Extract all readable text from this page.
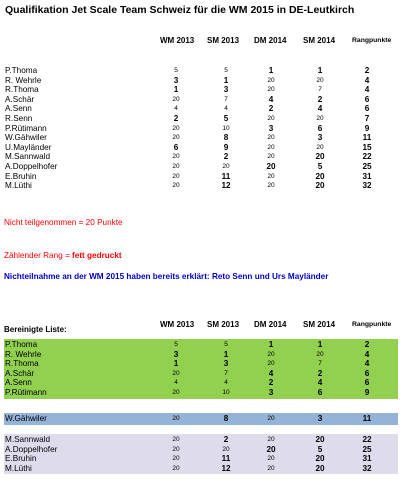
Qualifikation Jet Scale Team Schweiz für die WM 2015 in DE-Leutkirch
WM 2013 SM 2013 DM 2014 SM 2014 Rangpunkte
P.Thoma	5	5	1	1	2
R. Wehrle	3	1	20	20	4
R.Thoma	1	3	20	7	4
A.Schär	20	7	4	2	6
A.Senn	4	4	2	4	6
R.Senn	2	5	20	20	7
P.Rütimann	20	10	3	6	9
W.Gähwiler	20	8	20	3	11
U.Mayländer	6	9	20	20	15
M.Sannwald	20	2	20	20	22
A.Doppelhofer	20	20	20	5	25
E.Bruhin	20	11	20	20	31
M.Lüthi	20	12	20	20	32
Nicht teilgenommen = 20 Punkte
Zählender Rang = fett gedruckt
Nichteilnahme an der WM 2015 haben bereits erklärt: Reto Senn und Urs Mayländer
Bereinigte Liste:
WM 2013 SM 2013 DM 2014 SM 2014 Rangpunkte
P.Thoma	5	5	1	1	2
R. Wehrle	3	1	20	20	4
R.Thoma	1	3	20	7	4
A.Schär	20	7	4	2	6
A.Senn	4	4	2	4	6
P.Rütimann	20	10	3	6	9
W.Gähwiler	20	8	20	3	11
M.Sannwald	20	2	20	20	22
A.Doppelhofer	20	20	20	5	25
E.Bruhin	20	11	20	20	31
M.Lüthi	20	12	20	20	32
